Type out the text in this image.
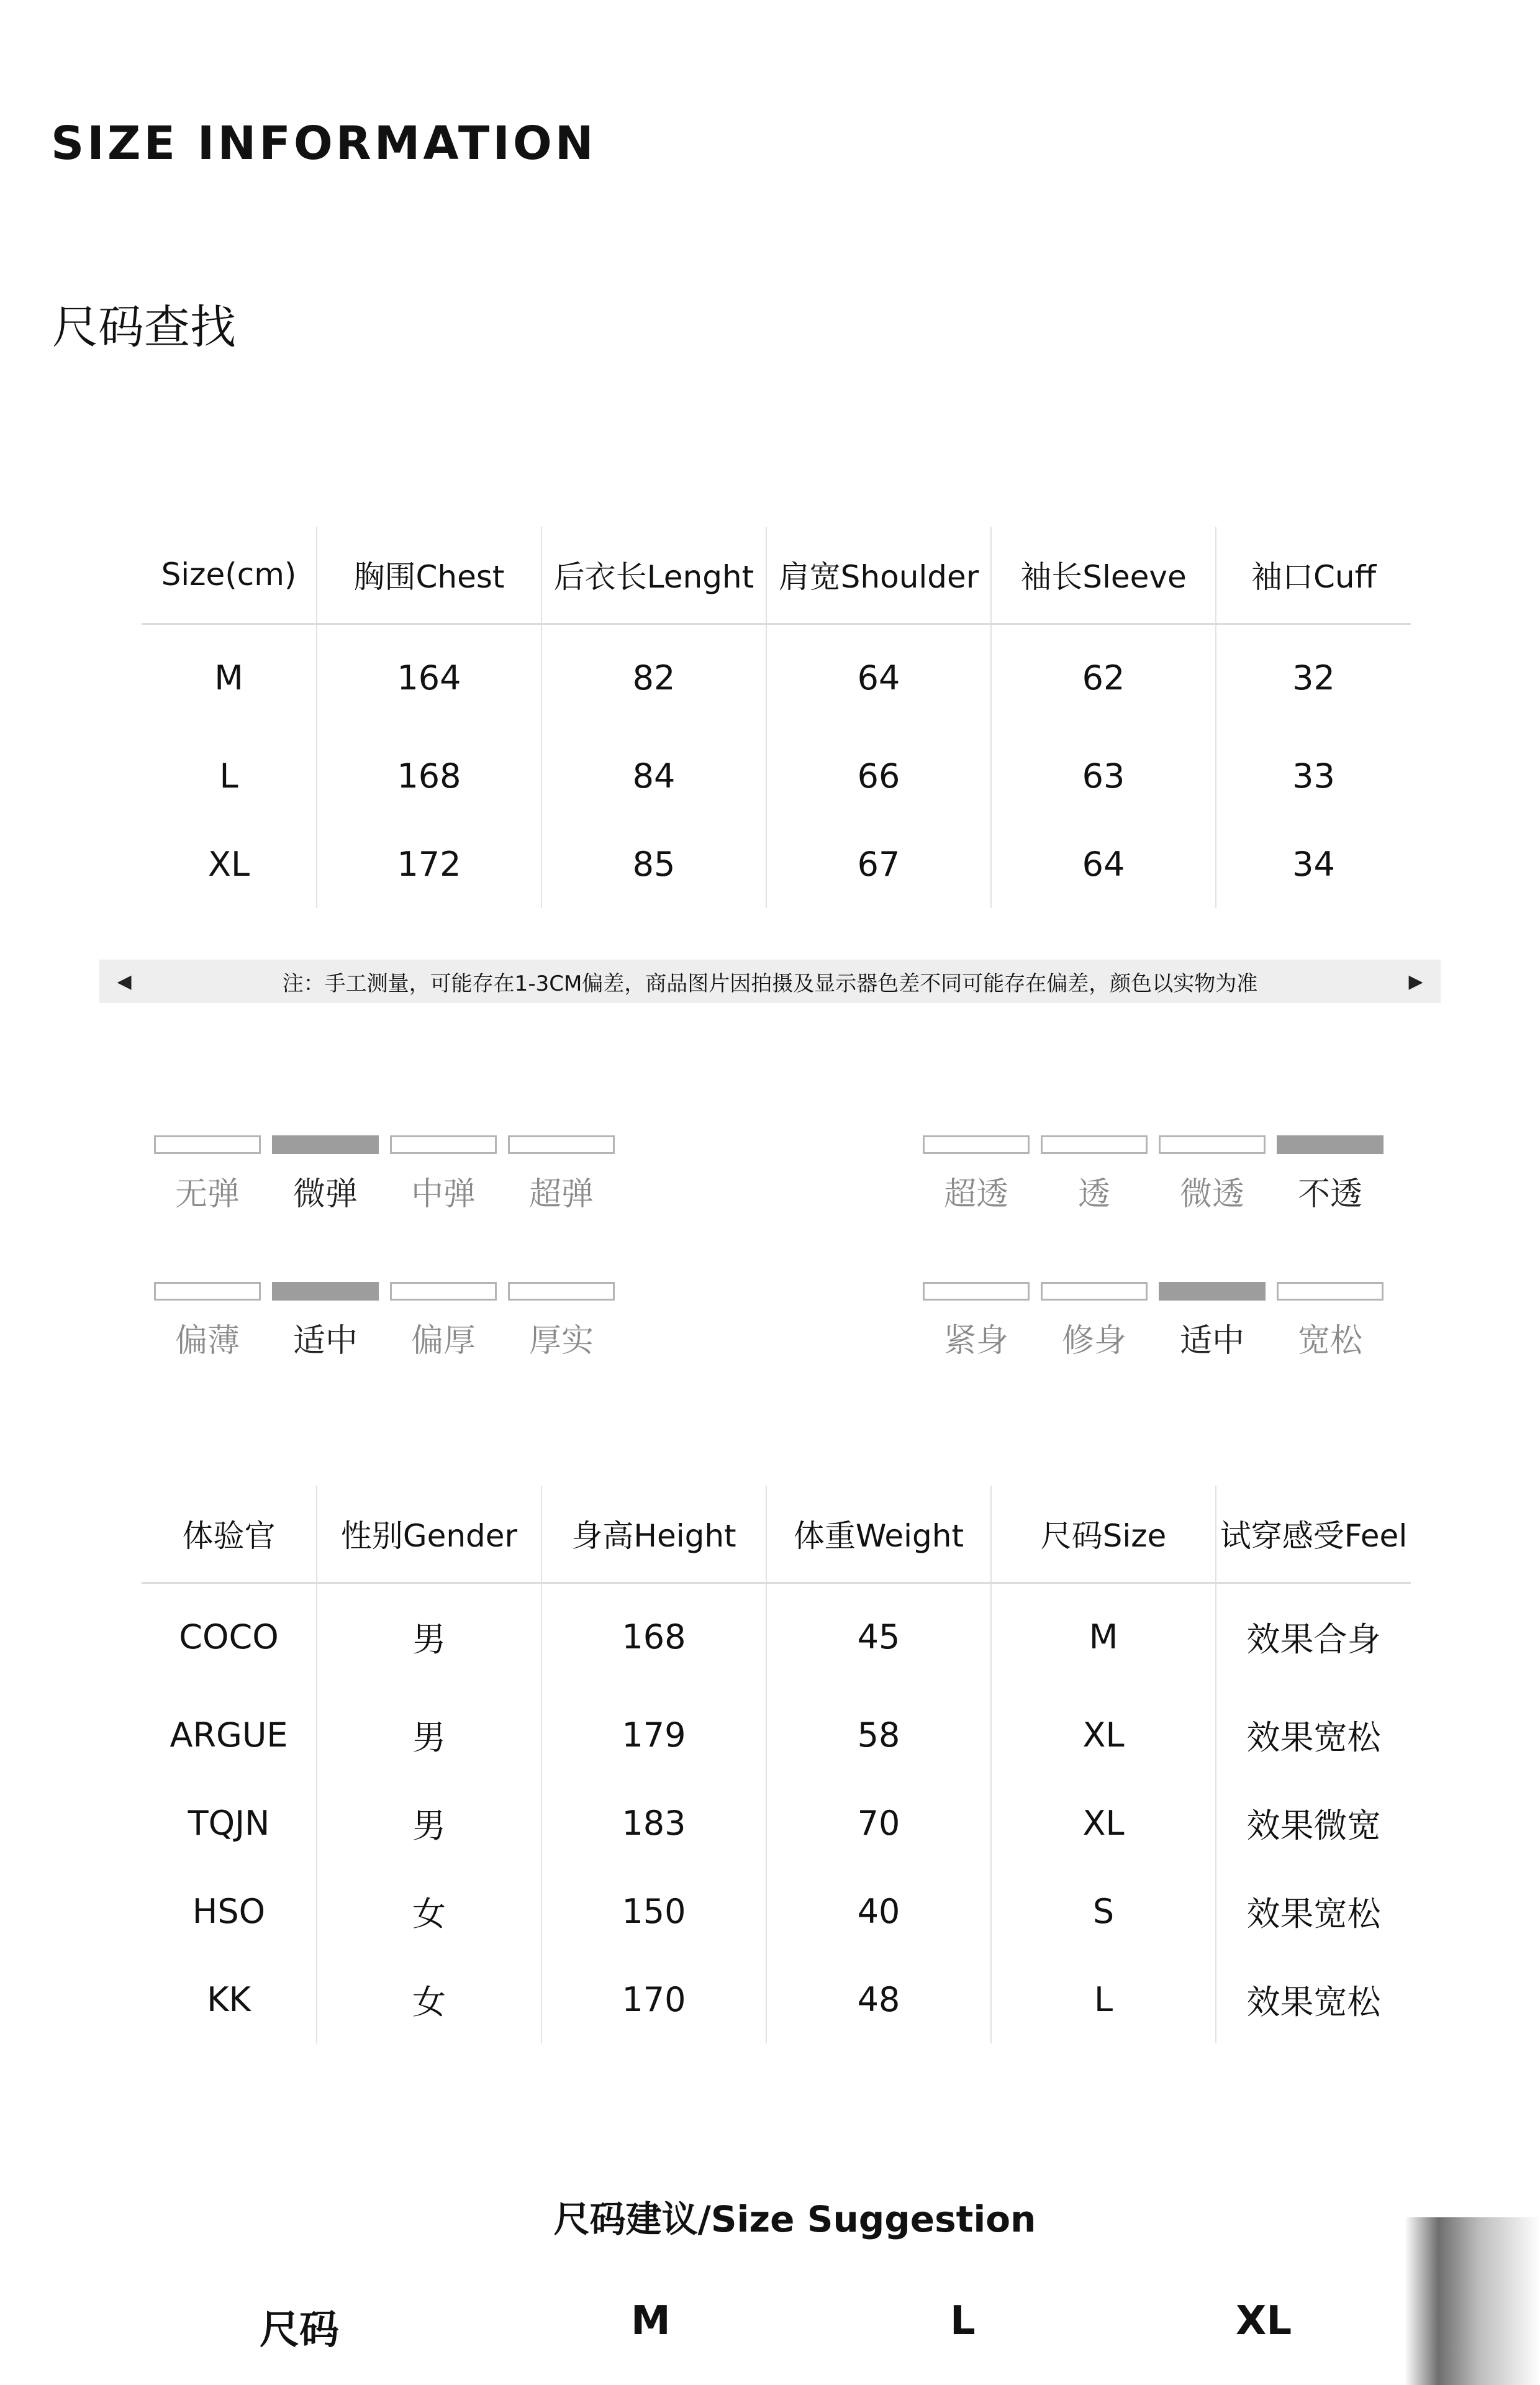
SIZE INFORMATION
尺码查找
Size(cm)	胸围Chest	后衣长Lenght	肩宽Shoulder	袖长Sleeve	袖口Cuff
M	164	82	64	62	32
L	168	84	66	63	33
XL	172	85	67	64	34
◀	注：手工测量，可能存在1-3CM偏差，商品图片因拍摄及显示器色差不同可能存在偏差，颜色以实物为准	▶
无弹 微弹 中弹 超弹	超透 透 微透 不透
偏薄 适中 偏厚 厚实	紧身 修身 适中 宽松
体验官	性别Gender	身高Height	体重Weight	尺码Size	试穿感受Feel
COCO	男	168	45	M	效果合身
ARGUE	男	179	58	XL	效果宽松
TQJN	男	183	70	XL	效果微宽
HSO	女	150	40	S	效果宽松
KK	女	170	48	L	效果宽松
尺码建议/Size Suggestion
尺码	M	L	XL
